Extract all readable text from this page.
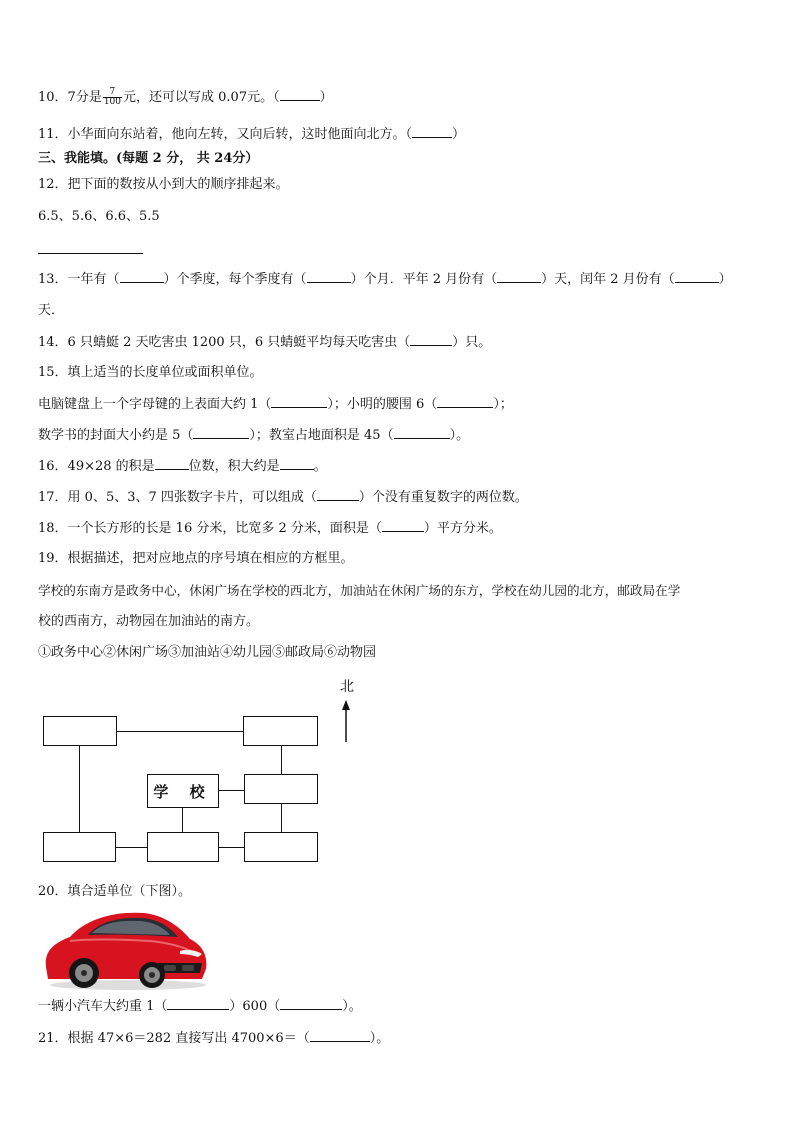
10．7分是 $\frac{7}{100}$ 元，还可以写成 0.07元。（	）
11．小华面向东站着，他向左转，又向后转，这时他面向北方。（	）
三、我能填。(每题 2 分， 共 24分）
12．把下面的数按从小到大的顺序排起来。
6.5、5.6、6.6、5.5
13．一年有（	）个季度，每个季度有（	）个月．平年 2 月份有（	）天，闰年 2 月份有（	）
天．
14．6 只蜻蜓 2 天吃害虫 1200 只，6 只蜻蜓平均每天吃害虫（	）只。
15．填上适当的长度单位或面积单位。
电脑键盘上一个字母键的上表面大约 1（	）；小明的腰围 6（	）；
数学书的封面大小约是 5（	）；教室占地面积是 45（	）。
16．49×28 的积是	位数，积大约是	。
17．用 0、5、3、7 四张数字卡片，可以组成（	）个没有重复数字的两位数。
18．一个长方形的长是 16 分米，比宽多 2 分米，面积是（	）平方分米。
19．根据描述，把对应地点的序号填在相应的方框里。
学校的东南方是政务中心，休闲广场在学校的西北方，加油站在休闲广场的东方，学校在幼儿园的北方，邮政局在学
校的西南方，动物园在加油站的南方。
①政务中心②休闲广场③加油站④幼儿园⑤邮政局⑥动物园
北
学 校
20．填合适单位（下图）。
一辆小汽车大约重 1（	）600（	）。
21．根据 47×6＝282 直接写出 4700×6＝（	）。
